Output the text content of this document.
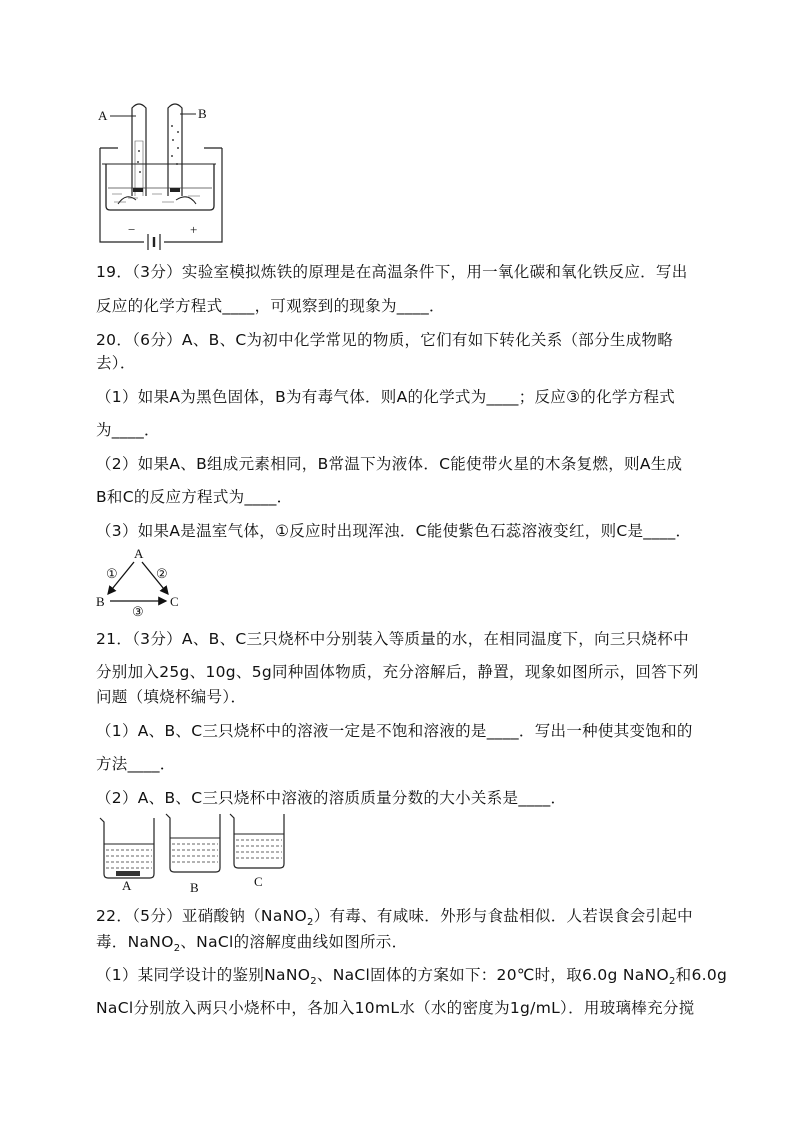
A	B
−	+
19．（3分）实验室模拟炼铁的原理是在高温条件下，用一氧化碳和氧化铁反应．写出
反应的化学方程式____，可观察到的现象为____．
20．（6分）A、B、C为初中化学常见的物质，它们有如下转化关系（部分生成物略
去）．
（1）如果A为黑色固体，B为有毒气体．则A的化学式为____；反应③的化学方程式
为____．
（2）如果A、B组成元素相同，B常温下为液体．C能使带火星的木条复燃，则A生成
B和C的反应方程式为____．
（3）如果A是温室气体，①反应时出现浑浊．C能使紫色石蕊溶液变红，则C是____．
A
B	C
①	②
③
21．（3分）A、B、C三只烧杯中分别装入等质量的水，在相同温度下，向三只烧杯中
分别加入25g、10g、5g同种固体物质，充分溶解后，静置，现象如图所示，回答下列
问题（填烧杯编号）．
（1）A、B、C三只烧杯中的溶液一定是不饱和溶液的是____．写出一种使其变饱和的
方法____．
（2）A、B、C三只烧杯中溶液的溶质质量分数的大小关系是____．
A	B	C
22．（5分）亚硝酸钠（NaNO$_2$）有毒、有咸味．外形与食盐相似．人若误食会引起中
毒．NaNO$_2$、NaCl的溶解度曲线如图所示．
（1）某同学设计的鉴别NaNO$_2$、NaCl固体的方案如下：20℃时，取6.0g NaNO$_2$和6.0g
NaCl分别放入两只小烧杯中，各加入10mL水（水的密度为1g/mL）．用玻璃棒充分搅
